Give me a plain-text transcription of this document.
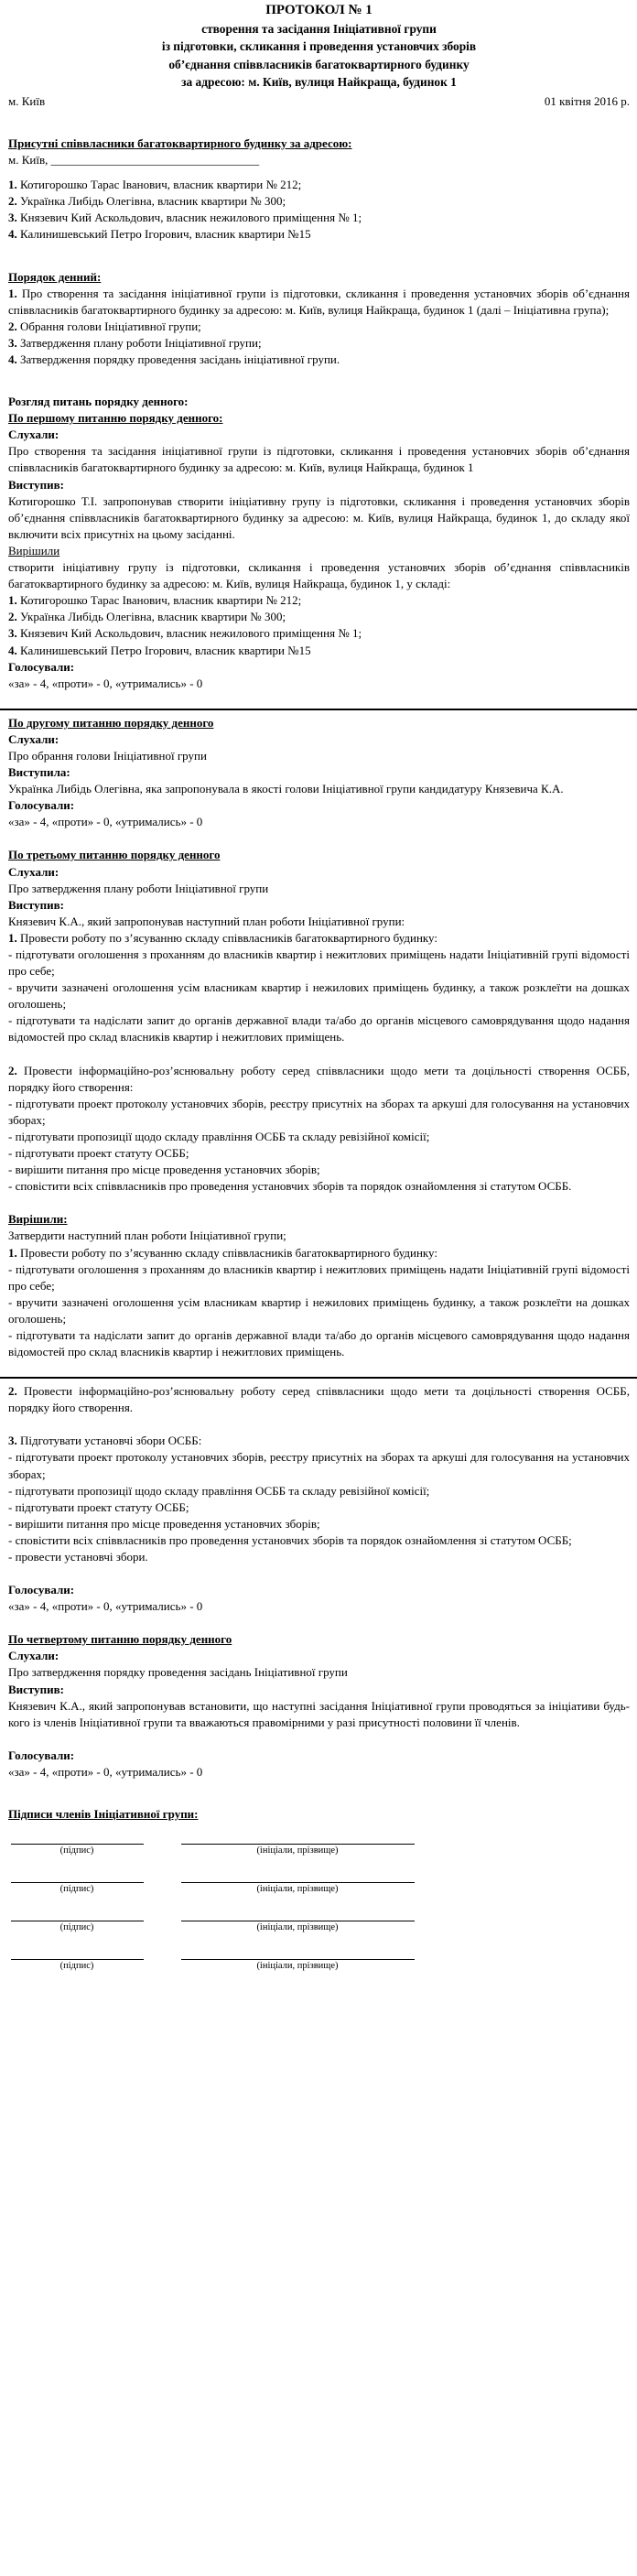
ПРОТОКОЛ № 1
створення та засідання Ініціативної групи
із підготовки, скликання і проведення установчих зборів
об’єднання співвласників багатоквартирного будинку
за адресою: м. Київ, вулиця Найкраща, будинок 1
м. Київ	01 квітня 2016 р.

Присутні співвласники багатоквартирного будинку за адресою:

м. Київ, ___________________________________

1. Котигорошко Тарас Іванович, власник квартири № 212;

2. Українка Либідь Олегівна, власник квартири № 300;

3. Князевич Кий Аскольдович, власник нежилового приміщення № 1;

4. Калинишевський Петро Ігорович, власник квартири №15

Порядок денний:

1. Про створення та засідання ініціативної групи із підготовки, скликання і проведення установчих зборів об’єднання співвласників багатоквартирного будинку за адресою: м. Київ, вулиця Найкраща, будинок 1 (далі – Ініціативна група);

2. Обрання голови Ініціативної групи;

3. Затвердження плану роботи Ініціативної групи;

4. Затвердження порядку проведення засідань ініціативної групи.

Розгляд питань порядку денного:

По першому питанню порядку денного:

Слухали:

Про створення та засідання ініціативної групи із підготовки, скликання і проведення установчих зборів об’єднання співвласників багатоквартирного будинку за адресою: м. Київ, вулиця Найкраща, будинок 1

Виступив:

Котигорошко Т.І. запропонував створити ініціативну групу із підготовки, скликання і проведення установчих зборів об’єднання співвласників багатоквартирного будинку за адресою: м. Київ, вулиця Найкраща, будинок 1, до складу якої включити всіх присутніх на цьому засіданні.

Вирішили

створити ініціативну групу із підготовки, скликання і проведення установчих зборів об’єднання співвласників багатоквартирного будинку за адресою: м. Київ, вулиця Найкраща, будинок 1, у складі:

1. Котигорошко Тарас Іванович, власник квартири № 212;

2. Українка Либідь Олегівна, власник квартири № 300;

3. Князевич Кий Аскольдович, власник нежилового приміщення № 1;

4. Калинишевський Петро Ігорович, власник квартири №15

Голосували:

«за» - 4, «проти» - 0, «утримались» - 0

По другому питанню порядку денного

Слухали:

Про обрання голови Ініціативної групи

Виступила:

Українка Либідь Олегівна, яка запропонувала в якості голови Ініціативної групи кандидатуру Князевича К.А.

Голосували:

«за» - 4, «проти» - 0, «утримались» - 0

По третьому питанню порядку денного

Слухали:

Про затвердження плану роботи Ініціативної групи

Виступив:

Князевич К.А., який запропонував наступний план роботи Ініціативної групи:

1. Провести роботу по з’ясуванню складу співвласників багатоквартирного будинку:

- підготувати оголошення з проханням до власників квартир і нежитлових приміщень надати Ініціативній групі відомості про себе;

- вручити зазначені оголошення усім власникам квартир і нежилових приміщень будинку, а також розклеїти на дошках оголошень;

- підготувати та надіслати запит до органів державної влади та/або до органів місцевого самоврядування щодо надання відомостей про склад власників квартир і нежитлових приміщень.

2. Провести інформаційно-роз’яснювальну роботу серед співвласники щодо мети та доцільності створення ОСББ, порядку його створення:

- підготувати проект протоколу установчих зборів, реєстру присутніх на зборах та аркуші для голосування на установчих зборах;

- підготувати пропозиції щодо складу правління ОСББ та складу ревізійної комісії;

- підготувати проект статуту ОСББ;

- вирішити питання про місце проведення установчих зборів;

- сповістити всіх співвласників про проведення установчих зборів та порядок ознайомлення зі статутом ОСББ.

Вирішили:

Затвердити наступний план роботи Ініціативної групи;

1. Провести роботу по з’ясуванню складу співвласників багатоквартирного будинку:

- підготувати оголошення з проханням до власників квартир і нежитлових приміщень надати Ініціативній групі відомості про себе;

- вручити зазначені оголошення усім власникам квартир і нежилових приміщень будинку, а також розклеїти на дошках оголошень;

- підготувати та надіслати запит до органів державної влади та/або до органів місцевого самоврядування щодо надання відомостей про склад власників квартир і нежитлових приміщень.

2. Провести інформаційно-роз’яснювальну роботу серед співвласники щодо мети та доцільності створення ОСББ, порядку його створення.

3. Підготувати установчі збори ОСББ:

- підготувати проект протоколу установчих зборів, реєстру присутніх на зборах та аркуші для голосування на установчих зборах;

- підготувати пропозиції щодо складу правління ОСББ та складу ревізійної комісії;

- підготувати проект статуту ОСББ;

- вирішити питання про місце проведення установчих зборів;

- сповістити всіх співвласників про проведення установчих зборів та порядок ознайомлення зі статутом ОСББ;

- провести установчі збори.

Голосували:

«за» - 4, «проти» - 0, «утримались» - 0

По четвертому питанню порядку денного

Слухали:

Про затвердження порядку проведення засідань Ініціативної групи

Виступив:

Князевич К.А., який запропонував встановити, що наступні засідання Ініціативної групи проводяться за ініціативи будь-кого із членів Ініціативної групи та вважаються правомірними у разі присутності половини її членів.

Голосували:

«за» - 4, «проти» - 0, «утримались» - 0

Підписи членів Ініціативної групи:

(підпис)	(ініціали, прізвище)
(підпис)	(ініціали, прізвище)
(підпис)	(ініціали, прізвище)
(підпис)	(ініціали, прізвище)
